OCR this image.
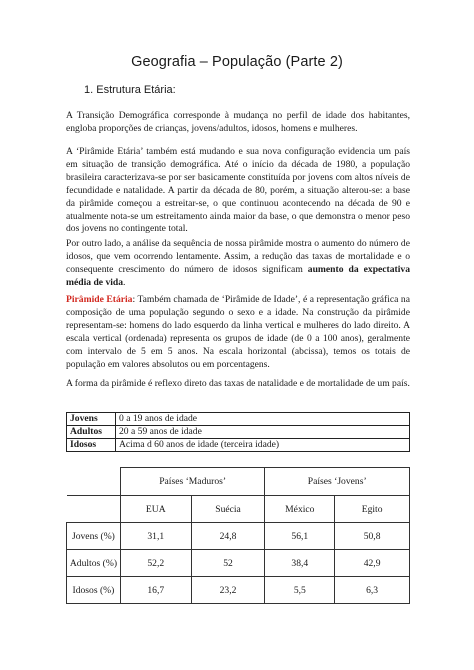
Geografia – População (Parte 2)
1. Estrutura Etária:

A Transição Demográfica corresponde à mudança no perfil de idade dos habitantes, engloba proporções de crianças, jovens/adultos, idosos, homens e mulheres.

A ‘Pirâmide Etária’ também está mudando e sua nova configuração evidencia um país em situação de transição demográfica. Até o início da década de 1980, a população brasileira caracterizava-se por ser basicamente constituída por jovens com altos níveis de fecundidade e natalidade. A partir da década de 80, porém, a situação alterou-se: a base da pirâmide começou a estreitar-se, o que continuou acontecendo na década de 90 e atualmente nota-se um estreitamento ainda maior da base, o que demonstra o menor peso dos jovens no contingente total.

Por outro lado, a análise da sequência de nossa pirâmide mostra o aumento do número de idosos, que vem ocorrendo lentamente. Assim, a redução das taxas de mortalidade e o consequente crescimento do número de idosos significam aumento da expectativa média de vida.

Pirâmide Etária: Também chamada de ‘Pirâmide de Idade’, é a representação gráfica na composição de uma população segundo o sexo e a idade. Na construção da pirâmide representam-se: homens do lado esquerdo da linha vertical e mulheres do lado direito. A escala vertical (ordenada) representa os grupos de idade (de 0 a 100 anos), geralmente com intervalo de 5 em 5 anos. Na escala horizontal (abcissa), temos os totais de população em valores absolutos ou em porcentagens.

A forma da pirâmide é reflexo direto das taxas de natalidade e de mortalidade de um país.

Jovens	0 a 19 anos de idade
Adultos	20 a 59 anos de idade
Idosos	Acima d 60 anos de idade (terceira idade)
	Países ‘Maduros’		Países ‘Jovens’	
	EUA	Suécia	México	Egito
Jovens (%)	31,1	24,8	56,1	50,8
Adultos (%)	52,2	52	38,4	42,9
Idosos (%)	16,7	23,2	5,5	6,3
